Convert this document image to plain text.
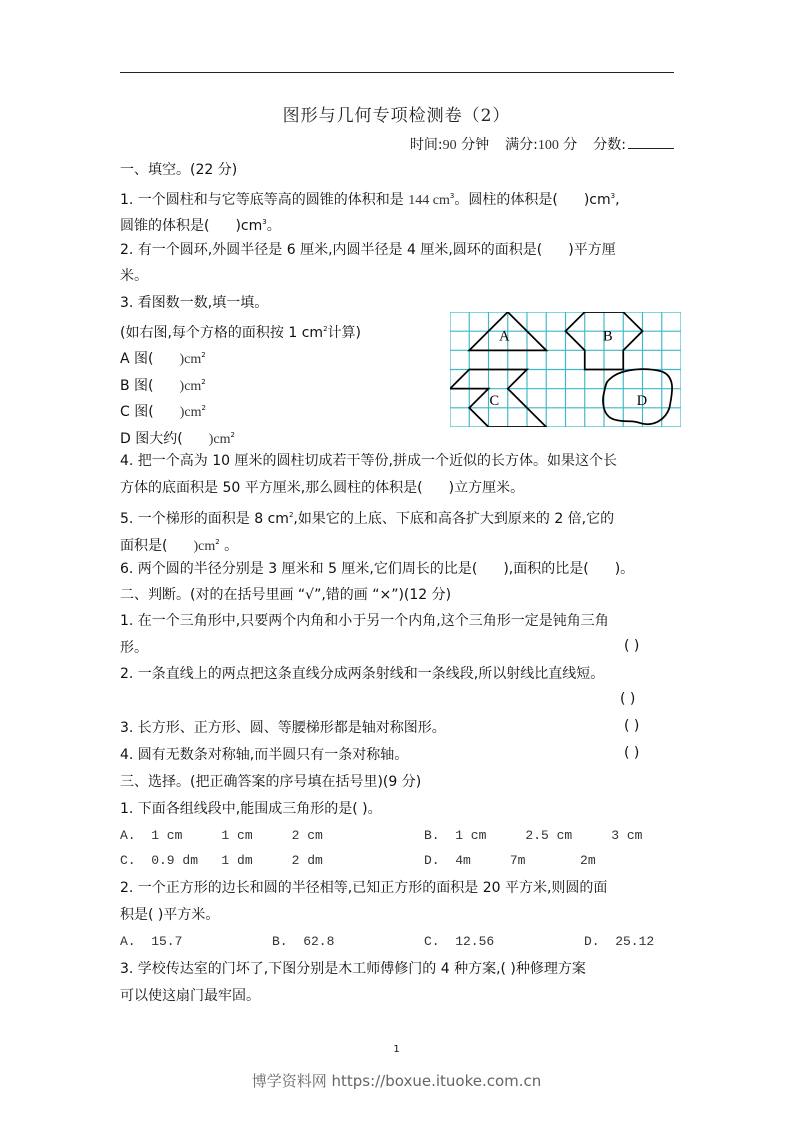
图形与几何专项检测卷（2）
时间:90 分钟 满分:100 分 分数:
一、填空。(22 分)
1. 一个圆柱和与它等底等高的圆锥的体积和是 144 $cm^3$。圆柱的体积是( )$cm^3$,
圆锥的体积是( )$cm^3$。
2. 有一个圆环,外圆半径是 6 厘米,内圆半径是 4 厘米,圆环的面积是( )平方厘
米。
3. 看图数一数,填一填。
(如右图,每个方格的面积按 1 $cm^2$计算)
A 图( )$cm^2$
B 图( )$cm^2$
C 图( )$cm^2$
D 图大约( )$cm^2$
4. 把一个高为 10 厘米的圆柱切成若干等份,拼成一个近似的长方体。如果这个长
方体的底面积是 50 平方厘米,那么圆柱的体积是( )立方厘米。
5. 一个梯形的面积是 8 $cm^2$,如果它的上底、下底和高各扩大到原来的 2 倍,它的
面积是( )$cm^2$ 。
6. 两个圆的半径分别是 3 厘米和 5 厘米,它们周长的比是( ),面积的比是( )。
二、判断。(对的在括号里画 “√”,错的画 “×”)(12 分)
1. 在一个三角形中,只要两个内角和小于另一个内角,这个三角形一定是钝角三角
形。	( )
2. 一条直线上的两点把这条直线分成两条射线和一条线段,所以射线比直线短。
( )
3. 长方形、正方形、圆、等腰梯形都是轴对称图形。	( )
4. 圆有无数条对称轴,而半圆只有一条对称轴。	( )
三、选择。(把正确答案的序号填在括号里)(9 分)
1. 下面各组线段中,能围成三角形的是( )。
A.  1 cm     1 cm     2 cm	B.  1 cm     2.5 cm     3 cm
C.  0.9 dm   1 dm     2 dm	D.  4m     7m       2m
2. 一个正方形的边长和圆的半径相等,已知正方形的面积是 20 平方米,则圆的面
积是( )平方米。
A.  15.7	B.  62.8	C.  12.56	D.  25.12
3. 学校传达室的门坏了,下图分别是木工师傅修门的 4 种方案,( )种修理方案
可以使这扇门最牢固。
1
博学资料网 https://boxue.ituoke.com.cn
